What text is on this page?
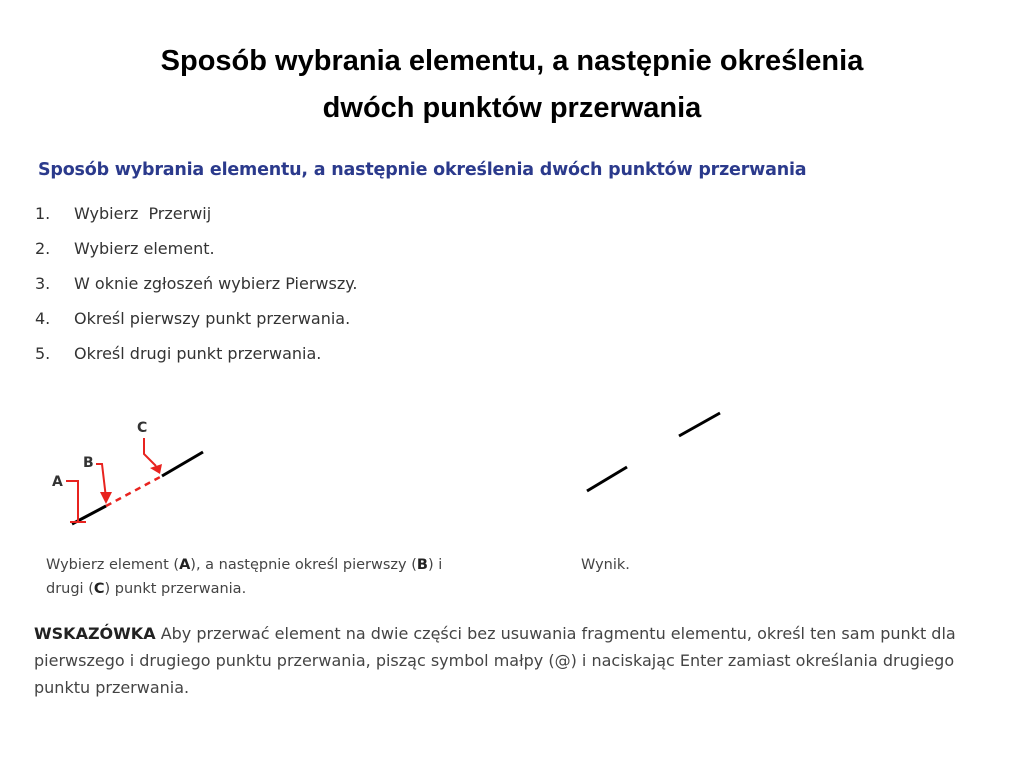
Sposób wybrania elementu, a następnie określenia
dwóch punktów przerwania
Sposób wybrania elementu, a następnie określenia dwóch punktów przerwania
1. Wybierz Przerwij
2. Wybierz element.
3. W oknie zgłoszeń wybierz Pierwszy.
4. Określ pierwszy punkt przerwania.
5. Określ drugi punkt przerwania.
A
B
C
Wybierz element (A), a następnie określ pierwszy (B) i
drugi (C) punkt przerwania.
Wynik.
WSKAZÓWKA Aby przerwać element na dwie części bez usuwania fragmentu elementu, określ ten sam punkt dla pierwszego i drugiego punktu przerwania, pisząc symbol małpy (@) i naciskając Enter zamiast określania drugiego punktu przerwania.
